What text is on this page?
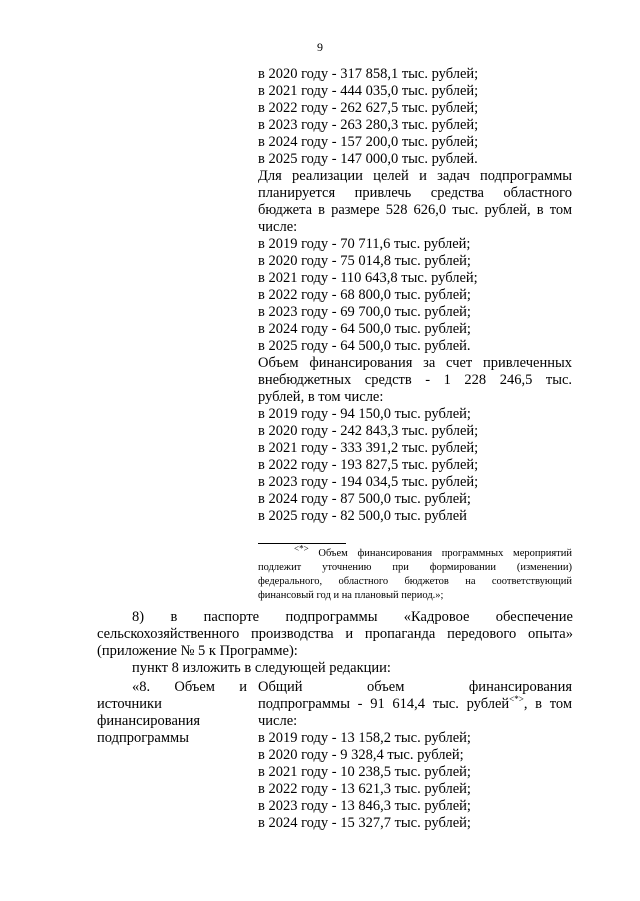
9
в 2020 году - 317 858,1 тыс. рублей;
в 2021 году - 444 035,0 тыс. рублей;
в 2022 году - 262 627,5 тыс. рублей;
в 2023 году - 263 280,3 тыс. рублей;
в 2024 году - 157 200,0 тыс. рублей;
в 2025 году - 147 000,0 тыс. рублей.
Для реализации целей и задач подпрограммы
планируется привлечь средства областного
бюджета в размере 528 626,0 тыс. рублей, в том
числе:
в 2019 году - 70 711,6 тыс. рублей;
в 2020 году - 75 014,8 тыс. рублей;
в 2021 году - 110 643,8 тыс. рублей;
в 2022 году - 68 800,0 тыс. рублей;
в 2023 году - 69 700,0 тыс. рублей;
в 2024 году - 64 500,0 тыс. рублей;
в 2025 году - 64 500,0 тыс. рублей.
Объем финансирования за счет привлеченных
внебюджетных средств - 1 228 246,5 тыс.
рублей, в том числе:
в 2019 году - 94 150,0 тыс. рублей;
в 2020 году - 242 843,3 тыс. рублей;
в 2021 году - 333 391,2 тыс. рублей;
в 2022 году - 193 827,5 тыс. рублей;
в 2023 году - 194 034,5 тыс. рублей;
в 2024 году - 87 500,0 тыс. рублей;
в 2025 году - 82 500,0 тыс. рублей
<*> Объем финансирования программных мероприятий
подлежит уточнению при формировании (изменении)
федерального, областного бюджетов на соответствующий
финансовый год и на плановый период.»;
8) в паспорте подпрограммы «Кадровое обеспечение
сельскохозяйственного производства и пропаганда передового опыта»
(приложение № 5 к Программе):
пункт 8 изложить в следующей редакции:
«8. Объем и
источники
финансирования
подпрограммы
Общий объем финансирования
подпрограммы - 91 614,4 тыс. рублей<*>, в том
числе:
в 2019 году - 13 158,2 тыс. рублей;
в 2020 году - 9 328,4 тыс. рублей;
в 2021 году - 10 238,5 тыс. рублей;
в 2022 году - 13 621,3 тыс. рублей;
в 2023 году - 13 846,3 тыс. рублей;
в 2024 году - 15 327,7 тыс. рублей;
